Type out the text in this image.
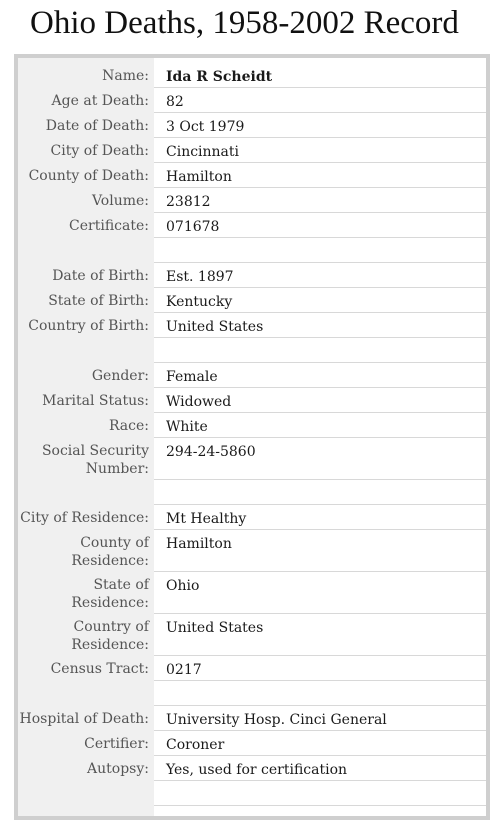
Ohio Deaths, 1958-2002 Record
Name: Ida R Scheidt
Age at Death: 82
Date of Death: 3 Oct 1979
City of Death: Cincinnati
County of Death: Hamilton
Volume: 23812
Certificate: 071678
Date of Birth: Est. 1897
State of Birth: Kentucky
Country of Birth: United States
Gender: Female
Marital Status: Widowed
Race: White
Social Security
Number:
294-24-5860
City of Residence: Mt Healthy
County of
Residence:
Hamilton
State of
Residence:
Ohio
Country of
Residence:
United States
Census Tract: 0217
Hospital of Death: University Hosp. Cinci General
Certifier: Coroner
Autopsy: Yes, used for certification
